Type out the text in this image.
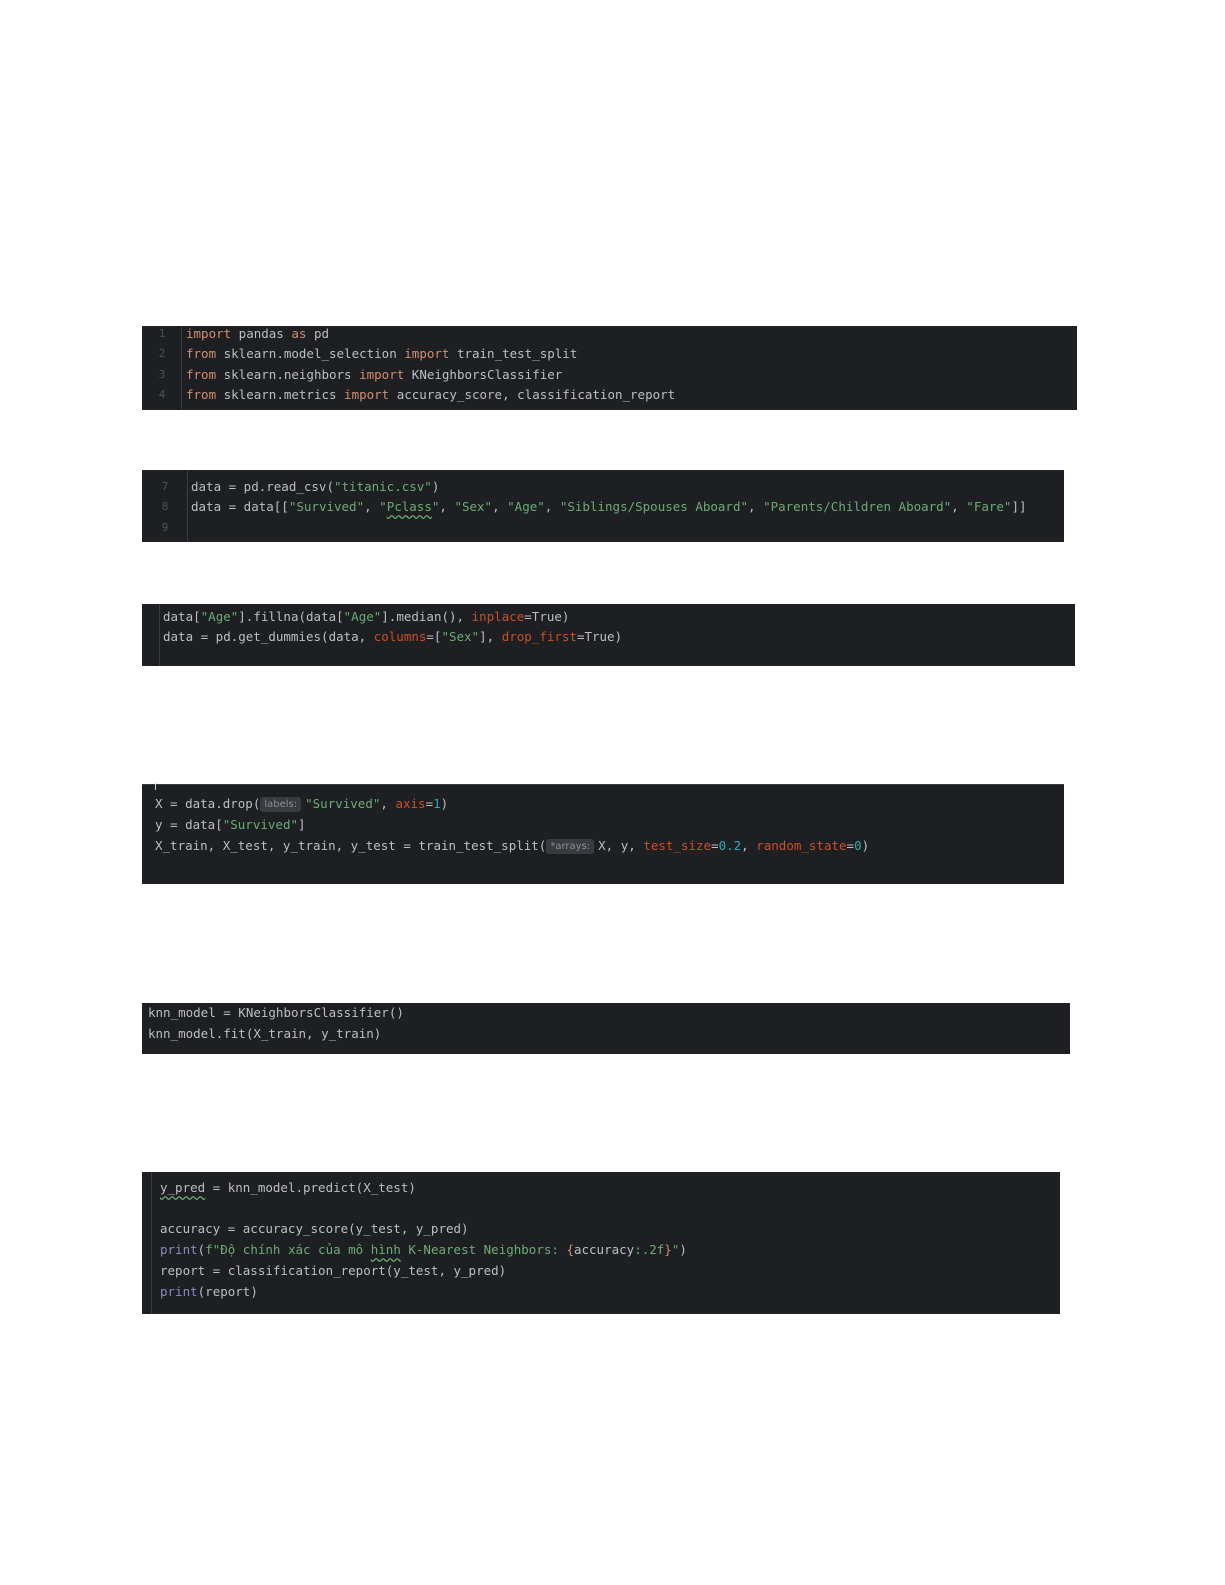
1	import pandas as pd
2	from sklearn.model_selection import train_test_split
3	from sklearn.neighbors import KNeighborsClassifier
4	from sklearn.metrics import accuracy_score, classification_report
7	data = pd.read_csv("titanic.csv")
8	data = data[["Survived", "Pclass", "Sex", "Age", "Siblings/Spouses Aboard", "Parents/Children Aboard", "Fare"]]
9
data["Age"].fillna(data["Age"].median(), inplace=True)
data = pd.get_dummies(data, columns=["Sex"], drop_first=True)
X = data.drop( labels: "Survived", axis=1)
y = data["Survived"]
X_train, X_test, y_train, y_test = train_test_split( *arrays: X, y, test_size=0.2, random_state=0)
knn_model = KNeighborsClassifier()
knn_model.fit(X_train, y_train)
y_pred = knn_model.predict(X_test)
accuracy = accuracy_score(y_test, y_pred)
print(f"Độ chính xác của mô hình K-Nearest Neighbors: {accuracy:.2f}")
report = classification_report(y_test, y_pred)
print(report)
